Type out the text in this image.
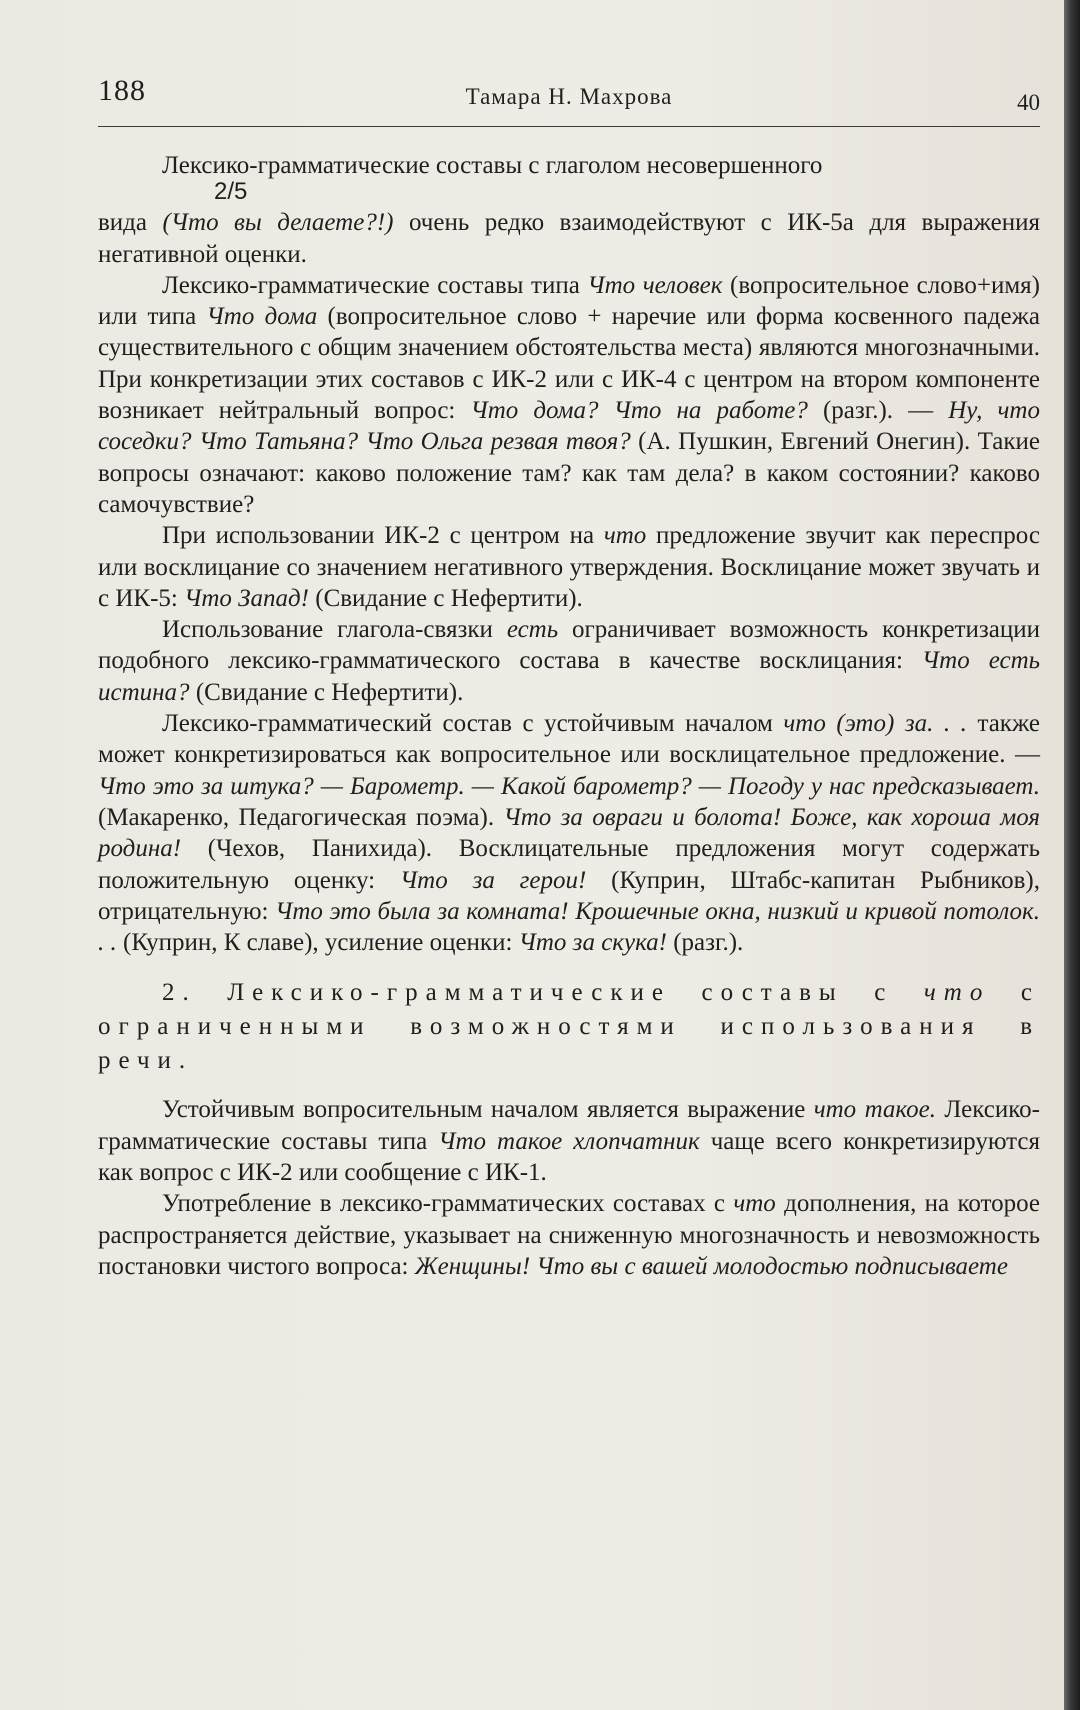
188	Тамара Н. Махрова	40

Лексико-грамматические составы с глаголом несовершенного
2/5
вида (Что вы делаете?!) очень редко взаимодействуют с ИК-5а для выражения негативной оценки.

Лексико-грамматические составы типа Что человек (вопросительное слово+имя) или типа Что дома (вопросительное слово + наречие или форма косвенного падежа существительного с общим значением обстоятельства места) являются многозначными. При конкретизации этих составов с ИК-2 или с ИК-4 с центром на втором компоненте возникает нейтральный вопрос: Что дома? Что на работе? (разг.). — Ну, что соседки? Что Татьяна? Что Ольга резвая твоя? (А. Пушкин, Евгений Онегин). Такие вопросы означают: каково положение там? как там дела? в каком состоянии? каково самочувствие?

При использовании ИК-2 с центром на что предложение звучит как переспрос или восклицание со значением негативного утверждения. Восклицание может звучать и с ИК-5: Что Запад! (Свидание с Нефертити).

Использование глагола-связки есть ограничивает возможность конкретизации подобного лексико-грамматического состава в качестве восклицания: Что есть истина? (Свидание с Нефертити).

Лексико-грамматический состав с устойчивым началом что (это) за. . . также может конкретизироваться как вопросительное или восклицательное предложение. — Что это за штука? — Барометр. — Какой барометр? — Погоду у нас предсказывает. (Макаренко, Педагогическая поэма). Что за овраги и болота! Боже, как хороша моя родина! (Чехов, Панихида). Восклицательные предложения могут содержать положительную оценку: Что за герои! (Куприн, Штабс-капитан Рыбников), отрицательную: Что это была за комната! Крошечные окна, низкий и кривой потолок. . . (Куприн, К славе), усиление оценки: Что за скука! (разг.).

2. Лексико-грамматические составы с что с ограниченными возможностями использования в речи.

Устойчивым вопросительным началом является выражение что такое. Лексико-грамматические составы типа Что такое хлопчатник чаще всего конкретизируются как вопрос с ИК-2 или сообщение с ИК-1.

Употребление в лексико-грамматических составах с что дополнения, на которое распространяется действие, указывает на сниженную многозначность и невозможность постановки чистого вопроса: Женщины! Что вы с вашей молодостью подписываете
